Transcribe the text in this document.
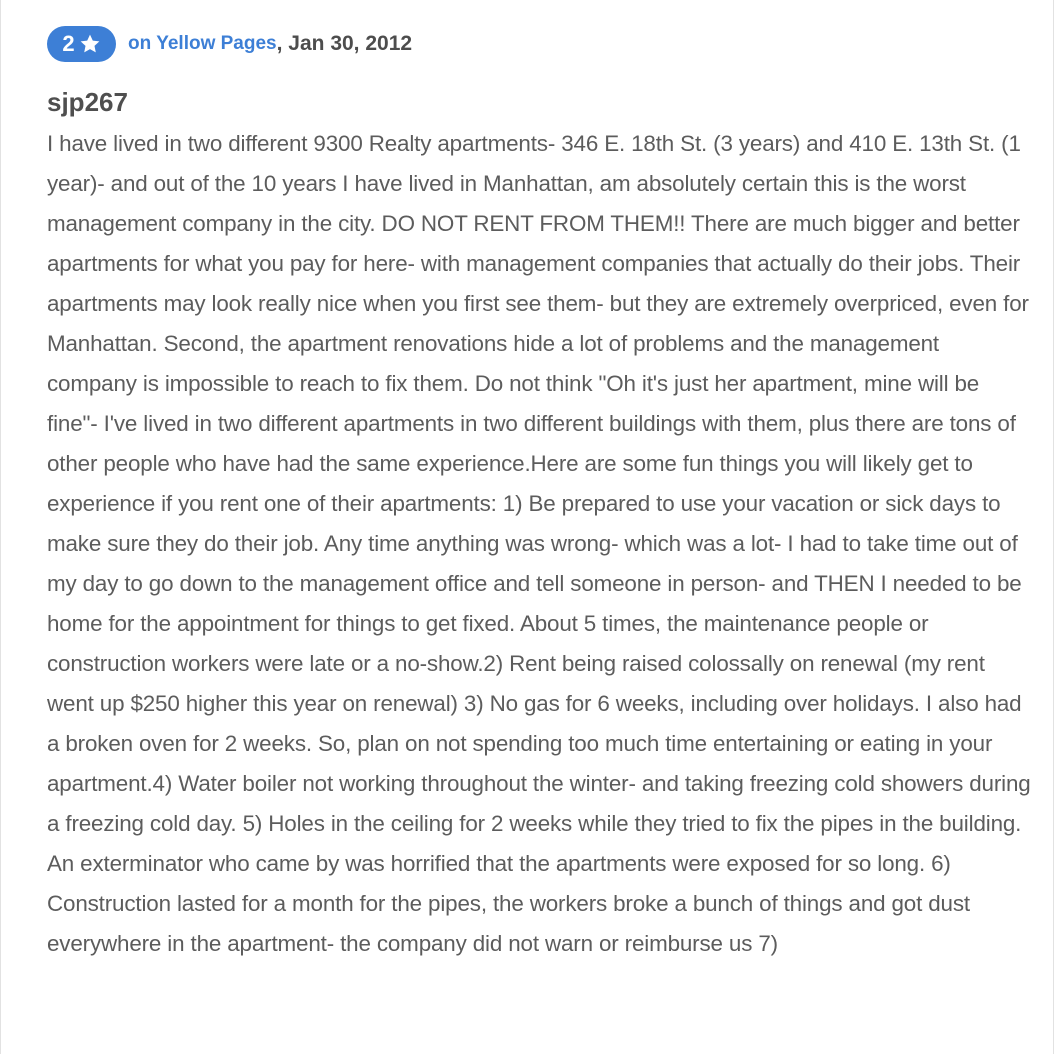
2	on Yellow Pages , Jan 30, 2012
sjp267

I have lived in two different 9300 Realty apartments- 346 E. 18th St. (3 years) and 410 E. 13th St. (1 year)- and out of the 10 years I have lived in Manhattan, am absolutely certain this is the worst management company in the city. DO NOT RENT FROM THEM!! There are much bigger and better apartments for what you pay for here- with management companies that actually do their jobs. Their apartments may look really nice when you first see them- but they are extremely overpriced, even for Manhattan. Second, the apartment renovations hide a lot of problems and the management company is impossible to reach to fix them. Do not think "Oh it's just her apartment, mine will be fine"- I've lived in two different apartments in two different buildings with them, plus there are tons of other people who have had the same experience.Here are some fun things you will likely get to experience if you rent one of their apartments: 1) Be prepared to use your vacation or sick days to make sure they do their job. Any time anything was wrong- which was a lot- I had to take time out of my day to go down to the management office and tell someone in person- and THEN I needed to be home for the appointment for things to get fixed. About 5 times, the maintenance people or construction workers were late or a no-show.2) Rent being raised colossally on renewal (my rent went up $250 higher this year on renewal) 3) No gas for 6 weeks, including over holidays. I also had a broken oven for 2 weeks. So, plan on not spending too much time entertaining or eating in your apartment.4) Water boiler not working throughout the winter- and taking freezing cold showers during a freezing cold day. 5) Holes in the ceiling for 2 weeks while they tried to fix the pipes in the building. An exterminator who came by was horrified that the apartments were exposed for so long. 6) Construction lasted for a month for the pipes, the workers broke a bunch of things and got dust everywhere in the apartment- the company did not warn or reimburse us 7)
